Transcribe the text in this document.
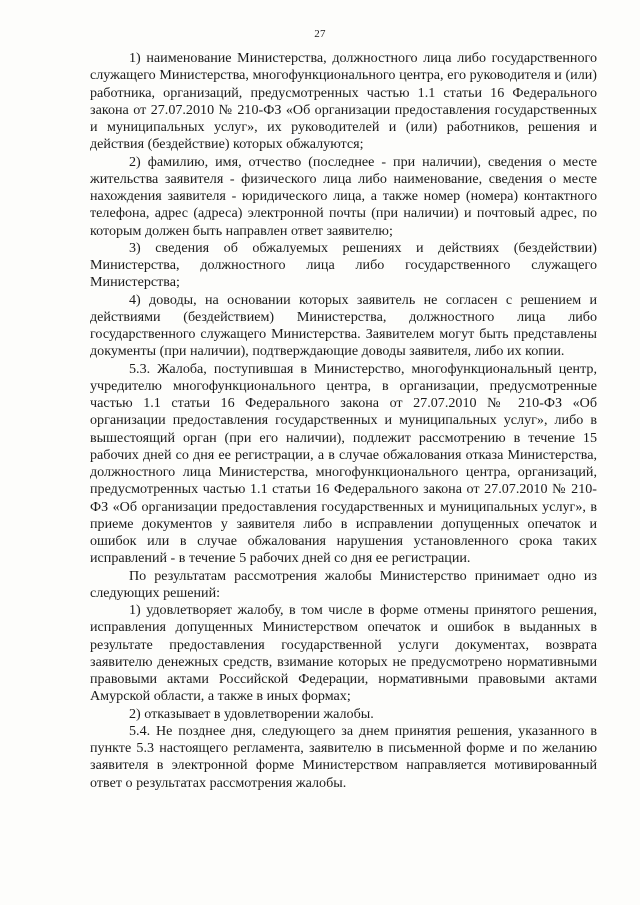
27

1) наименование Министерства, должностного лица либо государственного служащего Министерства, многофункционального центра, его руководителя и (или) работника, организаций, предусмотренных частью 1.1 статьи 16 Федерального закона от 27.07.2010 № 210-ФЗ «Об организации предоставления государственных и муниципальных услуг», их руководителей и (или) работников, решения и действия (бездействие) которых обжалуются;

2) фамилию, имя, отчество (последнее - при наличии), сведения о месте жительства заявителя - физического лица либо наименование, сведения о месте нахождения заявителя - юридического лица, а также номер (номера) контактного телефона, адрес (адреса) электронной почты (при наличии) и почтовый адрес, по которым должен быть направлен ответ заявителю;

3) сведения об обжалуемых решениях и действиях (бездействии) Министерства, должностного лица либо государственного служащего Министерства;

4) доводы, на основании которых заявитель не согласен с решением и действиями (бездействием) Министерства, должностного лица либо государственного служащего Министерства. Заявителем могут быть представлены документы (при наличии), подтверждающие доводы заявителя, либо их копии.

5.3. Жалоба, поступившая в Министерство, многофункциональный центр, учредителю многофункционального центра, в организации, предусмотренные частью 1.1 статьи 16 Федерального закона от 27.07.2010 № 210-ФЗ «Об организации предоставления государственных и муниципальных услуг», либо в вышестоящий орган (при его наличии), подлежит рассмотрению в течение 15 рабочих дней со дня ее регистрации, а в случае обжалования отказа Министерства, должностного лица Министерства, многофункционального центра, организаций, предусмотренных частью 1.1 статьи 16 Федерального закона от 27.07.2010 № 210-ФЗ «Об организации предоставления государственных и муниципальных услуг», в приеме документов у заявителя либо в исправлении допущенных опечаток и ошибок или в случае обжалования нарушения установленного срока таких исправлений - в течение 5 рабочих дней со дня ее регистрации.

По результатам рассмотрения жалобы Министерство принимает одно из следующих решений:

1) удовлетворяет жалобу, в том числе в форме отмены принятого решения, исправления допущенных Министерством опечаток и ошибок в выданных в результате предоставления государственной услуги документах, возврата заявителю денежных средств, взимание которых не предусмотрено нормативными правовыми актами Российской Федерации, нормативными правовыми актами Амурской области, а также в иных формах;

2) отказывает в удовлетворении жалобы.

5.4. Не позднее дня, следующего за днем принятия решения, указанного в пункте 5.3 настоящего регламента, заявителю в письменной форме и по желанию заявителя в электронной форме Министерством направляется мотивированный ответ о результатах рассмотрения жалобы.
